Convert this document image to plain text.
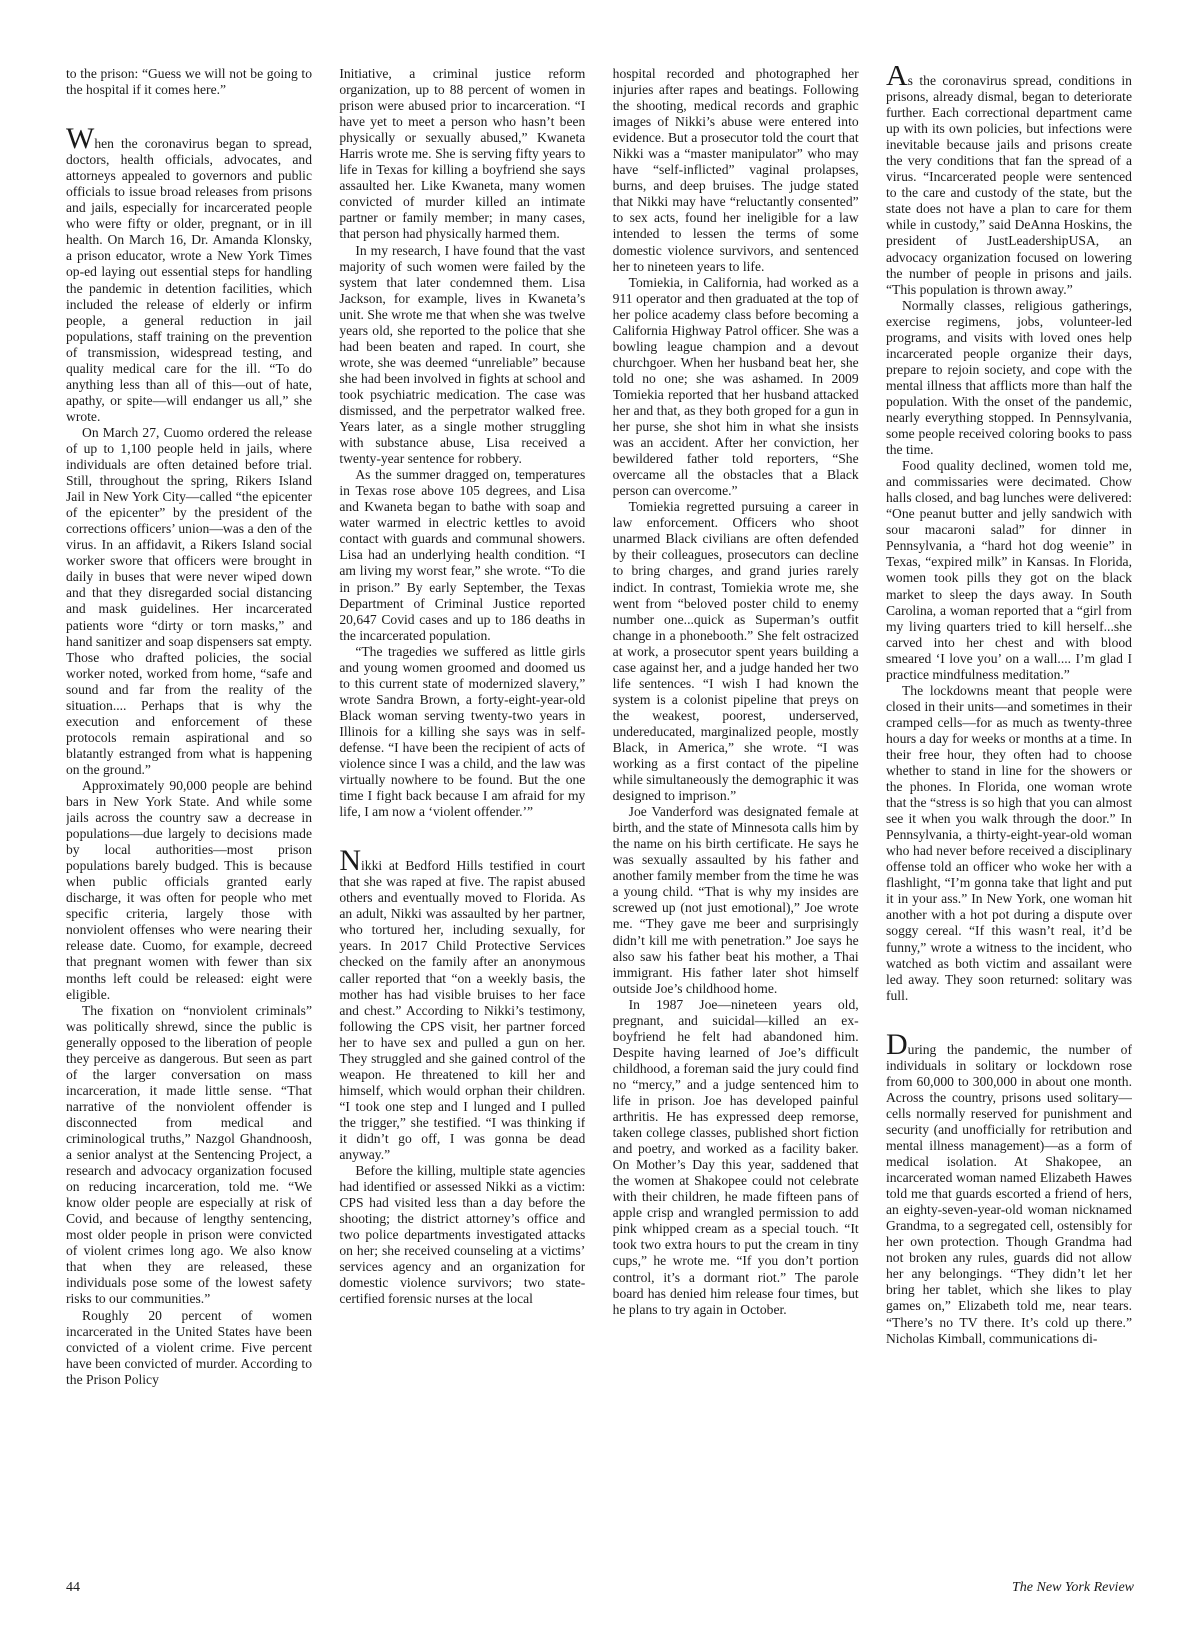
to the prison: “Guess we will not be going to the hospital if it comes here.”

When the coronavirus began to spread, doctors, health officials, advocates, and attorneys appealed to governors and public officials to issue broad releases from prisons and jails, especially for incarcerated people who were fifty or older, pregnant, or in ill health. On March 16, Dr. Amanda Klonsky, a prison educator, wrote a New York Times op-ed laying out essential steps for handling the pandemic in detention facilities, which included the release of elderly or infirm people, a general reduction in jail populations, staff training on the prevention of transmission, widespread testing, and quality medical care for the ill. “To do anything less than all of this—out of hate, apathy, or spite—will endanger us all,” she wrote.

On March 27, Cuomo ordered the release of up to 1,100 people held in jails, where individuals are often detained before trial. Still, throughout the spring, Rikers Island Jail in New York City—called “the epicenter of the epicenter” by the president of the corrections officers’ union—was a den of the virus. In an affidavit, a Rikers Island social worker swore that officers were brought in daily in buses that were never wiped down and that they disregarded social distancing and mask guidelines. Her incarcerated patients wore “dirty or torn masks,” and hand sanitizer and soap dispensers sat empty. Those who drafted policies, the social worker noted, worked from home, “safe and sound and far from the reality of the situation.... Perhaps that is why the execution and enforcement of these protocols remain aspirational and so blatantly estranged from what is happening on the ground.”

Approximately 90,000 people are behind bars in New York State. And while some jails across the country saw a decrease in populations—due largely to decisions made by local authorities—most prison populations barely budged. This is because when public officials granted early discharge, it was often for people who met specific criteria, largely those with nonviolent offenses who were nearing their release date. Cuomo, for example, decreed that pregnant women with fewer than six months left could be released: eight were eligible.

The fixation on “nonviolent criminals” was politically shrewd, since the public is generally opposed to the liberation of people they perceive as dangerous. But seen as part of the larger conversation on mass incarceration, it made little sense. “That narrative of the nonviolent offender is disconnected from medical and criminological truths,” Nazgol Ghandnoosh, a senior analyst at the Sentencing Project, a research and advocacy organization focused on reducing incarceration, told me. “We know older people are especially at risk of Covid, and because of lengthy sentencing, most older people in prison were convicted of violent crimes long ago. We also know that when they are released, these individuals pose some of the lowest safety risks to our communities.”

Roughly 20 percent of women incarcerated in the United States have been convicted of a violent crime. Five percent have been convicted of murder. According to the Prison Policy

Initiative, a criminal justice reform organization, up to 88 percent of women in prison were abused prior to incarceration. “I have yet to meet a person who hasn’t been physically or sexually abused,” Kwaneta Harris wrote me. She is serving fifty years to life in Texas for killing a boyfriend she says assaulted her. Like Kwaneta, many women convicted of murder killed an intimate partner or family member; in many cases, that person had physically harmed them.

In my research, I have found that the vast majority of such women were failed by the system that later condemned them. Lisa Jackson, for example, lives in Kwaneta’s unit. She wrote me that when she was twelve years old, she reported to the police that she had been beaten and raped. In court, she wrote, she was deemed “unreliable” because she had been involved in fights at school and took psychiatric medication. The case was dismissed, and the perpetrator walked free. Years later, as a single mother struggling with substance abuse, Lisa received a twenty-year sentence for robbery.

As the summer dragged on, temperatures in Texas rose above 105 degrees, and Lisa and Kwaneta began to bathe with soap and water warmed in electric kettles to avoid contact with guards and communal showers. Lisa had an underlying health condition. “I am living my worst fear,” she wrote. “To die in prison.” By early September, the Texas Department of Criminal Justice reported 20,647 Covid cases and up to 186 deaths in the incarcerated population.

“The tragedies we suffered as little girls and young women groomed and doomed us to this current state of modernized slavery,” wrote Sandra Brown, a forty-eight-year-old Black woman serving twenty-two years in Illinois for a killing she says was in self-defense. “I have been the recipient of acts of violence since I was a child, and the law was virtually nowhere to be found. But the one time I fight back because I am afraid for my life, I am now a ‘violent offender.’”

Nikki at Bedford Hills testified in court that she was raped at five. The rapist abused others and eventually moved to Florida. As an adult, Nikki was assaulted by her partner, who tortured her, including sexually, for years. In 2017 Child Protective Services checked on the family after an anonymous caller reported that “on a weekly basis, the mother has had visible bruises to her face and chest.” According to Nikki’s testimony, following the CPS visit, her partner forced her to have sex and pulled a gun on her. They struggled and she gained control of the weapon. He threatened to kill her and himself, which would orphan their children. “I took one step and I lunged and I pulled the trigger,” she testified. “I was thinking if it didn’t go off, I was gonna be dead anyway.”

Before the killing, multiple state agencies had identified or assessed Nikki as a victim: CPS had visited less than a day before the shooting; the district attorney’s office and two police departments investigated attacks on her; she received counseling at a victims’ services agency and an organization for domestic violence survivors; two state-certified forensic nurses at the local

hospital recorded and photographed her injuries after rapes and beatings. Following the shooting, medical records and graphic images of Nikki’s abuse were entered into evidence. But a prosecutor told the court that Nikki was a “master manipulator” who may have “self-inflicted” vaginal prolapses, burns, and deep bruises. The judge stated that Nikki may have “reluctantly consented” to sex acts, found her ineligible for a law intended to lessen the terms of some domestic violence survivors, and sentenced her to nineteen years to life.

Tomiekia, in California, had worked as a 911 operator and then graduated at the top of her police academy class before becoming a California Highway Patrol officer. She was a bowling league champion and a devout churchgoer. When her husband beat her, she told no one; she was ashamed. In 2009 Tomiekia reported that her husband attacked her and that, as they both groped for a gun in her purse, she shot him in what she insists was an accident. After her conviction, her bewildered father told reporters, “She overcame all the obstacles that a Black person can overcome.”

Tomiekia regretted pursuing a career in law enforcement. Officers who shoot unarmed Black civilians are often defended by their colleagues, prosecutors can decline to bring charges, and grand juries rarely indict. In contrast, Tomiekia wrote me, she went from “beloved poster child to enemy number one...quick as Superman’s outfit change in a phonebooth.” She felt ostracized at work, a prosecutor spent years building a case against her, and a judge handed her two life sentences. “I wish I had known the system is a colonist pipeline that preys on the weakest, poorest, underserved, undereducated, marginalized people, mostly Black, in America,” she wrote. “I was working as a first contact of the pipeline while simultaneously the demographic it was designed to imprison.”

Joe Vanderford was designated female at birth, and the state of Minnesota calls him by the name on his birth certificate. He says he was sexually assaulted by his father and another family member from the time he was a young child. “That is why my insides are screwed up (not just emotional),” Joe wrote me. “They gave me beer and surprisingly didn’t kill me with penetration.” Joe says he also saw his father beat his mother, a Thai immigrant. His father later shot himself outside Joe’s childhood home.

In 1987 Joe—nineteen years old, pregnant, and suicidal—killed an ex-boyfriend he felt had abandoned him. Despite having learned of Joe’s difficult childhood, a foreman said the jury could find no “mercy,” and a judge sentenced him to life in prison. Joe has developed painful arthritis. He has expressed deep remorse, taken college classes, published short fiction and poetry, and worked as a facility baker. On Mother’s Day this year, saddened that the women at Shakopee could not celebrate with their children, he made fifteen pans of apple crisp and wrangled permission to add pink whipped cream as a special touch. “It took two extra hours to put the cream in tiny cups,” he wrote me. “If you don’t portion control, it’s a dormant riot.” The parole board has denied him release four times, but he plans to try again in October.

As the coronavirus spread, conditions in prisons, already dismal, began to deteriorate further. Each correctional department came up with its own policies, but infections were inevitable because jails and prisons create the very conditions that fan the spread of a virus. “Incarcerated people were sentenced to the care and custody of the state, but the state does not have a plan to care for them while in custody,” said DeAnna Hoskins, the president of JustLeadershipUSA, an advocacy organization focused on lowering the number of people in prisons and jails. “This population is thrown away.”

Normally classes, religious gatherings, exercise regimens, jobs, volunteer-led programs, and visits with loved ones help incarcerated people organize their days, prepare to rejoin society, and cope with the mental illness that afflicts more than half the population. With the onset of the pandemic, nearly everything stopped. In Pennsylvania, some people received coloring books to pass the time.

Food quality declined, women told me, and commissaries were decimated. Chow halls closed, and bag lunches were delivered: “One peanut butter and jelly sandwich with sour macaroni salad” for dinner in Pennsylvania, a “hard hot dog weenie” in Texas, “expired milk” in Kansas. In Florida, women took pills they got on the black market to sleep the days away. In South Carolina, a woman reported that a “girl from my living quarters tried to kill herself...she carved into her chest and with blood smeared ‘I love you’ on a wall.... I’m glad I practice mindfulness meditation.”

The lockdowns meant that people were closed in their units—and sometimes in their cramped cells—for as much as twenty-three hours a day for weeks or months at a time. In their free hour, they often had to choose whether to stand in line for the showers or the phones. In Florida, one woman wrote that the “stress is so high that you can almost see it when you walk through the door.” In Pennsylvania, a thirty-eight-year-old woman who had never before received a disciplinary offense told an officer who woke her with a flashlight, “I’m gonna take that light and put it in your ass.” In New York, one woman hit another with a hot pot during a dispute over soggy cereal. “If this wasn’t real, it’d be funny,” wrote a witness to the incident, who watched as both victim and assailant were led away. They soon returned: solitary was full.

During the pandemic, the number of individuals in solitary or lockdown rose from 60,000 to 300,000 in about one month. Across the country, prisons used solitary—cells normally reserved for punishment and security (and unofficially for retribution and mental illness management)—as a form of medical isolation. At Shakopee, an incarcerated woman named Elizabeth Hawes told me that guards escorted a friend of hers, an eighty-seven-year-old woman nicknamed Grandma, to a segregated cell, ostensibly for her own protection. Though Grandma had not broken any rules, guards did not allow her any belongings. “They didn’t let her bring her tablet, which she likes to play games on,” Elizabeth told me, near tears. “There’s no TV there. It’s cold up there.” Nicholas Kimball, communications di-

44	The New York Review
